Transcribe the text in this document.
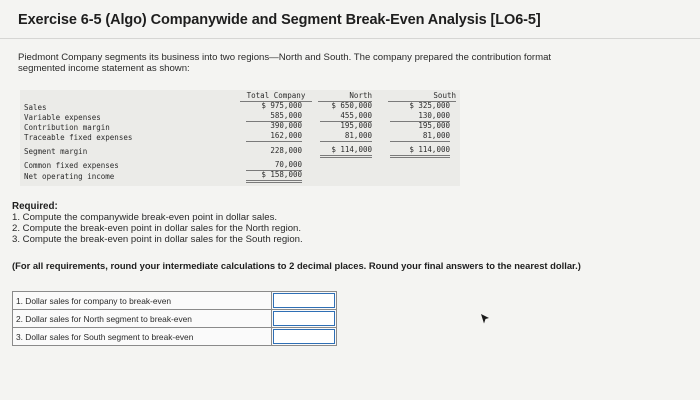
Exercise 6-5 (Algo) Companywide and Segment Break-Even Analysis [LO6-5]
Piedmont Company segments its business into two regions—North and South. The company prepared the contribution format
segmented income statement as shown:
Total Company	North	South
Sales	$ 975,000	$ 650,000	$ 325,000
Variable expenses	585,000	455,000	130,000
Contribution margin	390,000	195,000	195,000
Traceable fixed expenses	162,000	81,000	81,000
Segment margin	228,000	$ 114,000	$ 114,000
Common fixed expenses	70,000
Net operating income	$ 158,000
Required:
1. Compute the companywide break-even point in dollar sales.
2. Compute the break-even point in dollar sales for the North region.
3. Compute the break-even point in dollar sales for the South region.
(For all requirements, round your intermediate calculations to 2 decimal places. Round your final answers to the nearest dollar.)
1. Dollar sales for company to break-even	

2. Dollar sales for North segment to break-even	

3. Dollar sales for South segment to break-even	
